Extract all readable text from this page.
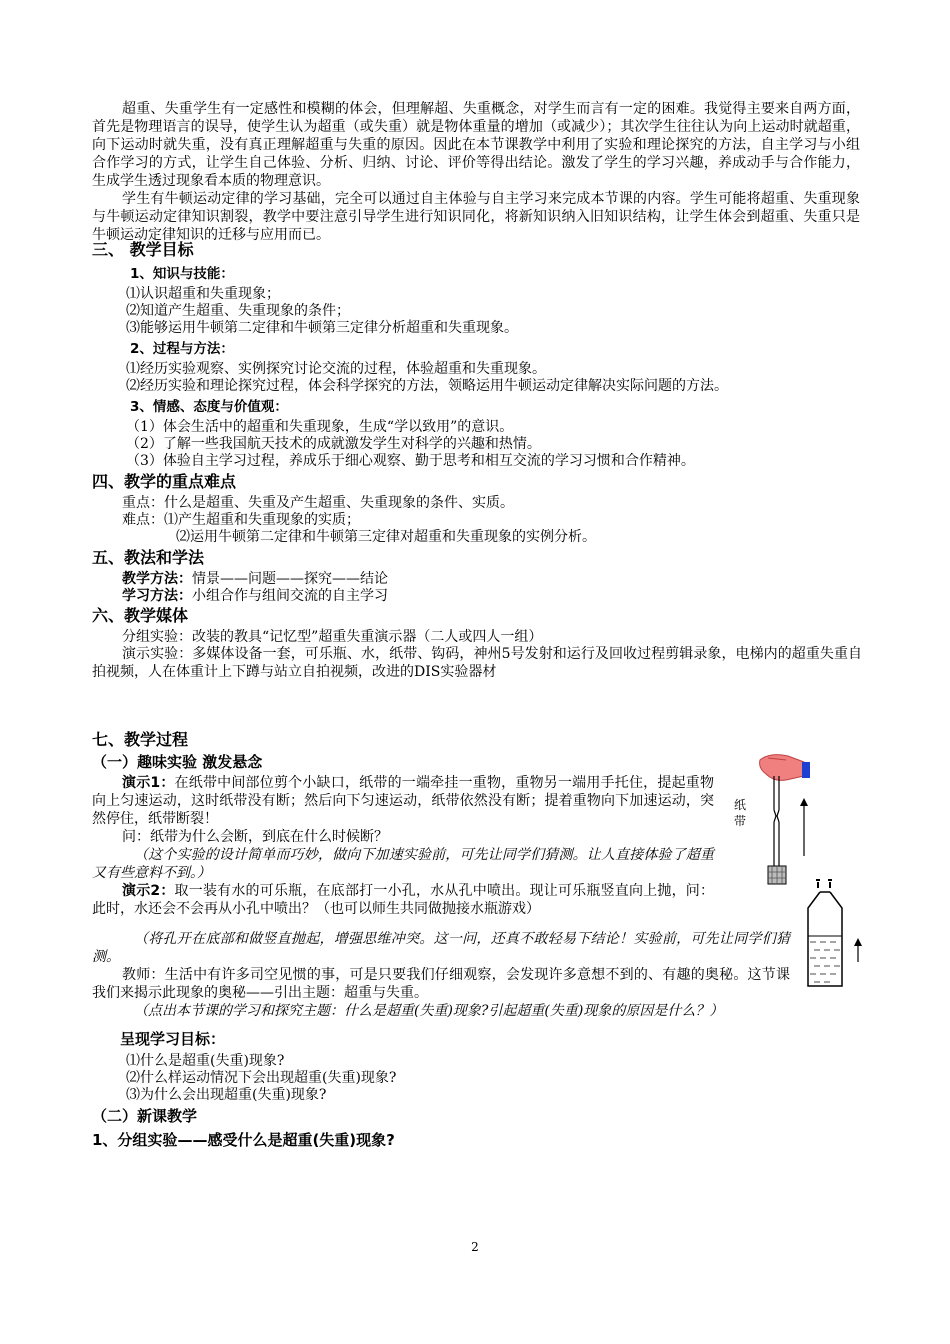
超重、失重学生有一定感性和模糊的体会，但理解超、失重概念，对学生而言有一定的困难。我觉得主要来自两方面，首先是物理语言的误导，使学生认为超重（或失重）就是物体重量的增加（或减少）；其次学生往往认为向上运动时就超重，向下运动时就失重，没有真正理解超重与失重的原因。因此在本节课教学中利用了实验和理论探究的方法，自主学习与小组合作学习的方式，让学生自己体验、分析、归纳、讨论、评价等得出结论。激发了学生的学习兴趣，养成动手与合作能力，生成学生透过现象看本质的物理意识。

学生有牛顿运动定律的学习基础，完全可以通过自主体验与自主学习来完成本节课的内容。学生可能将超重、失重现象与牛顿运动定律知识割裂，教学中要注意引导学生进行知识同化，将新知识纳入旧知识结构，让学生体会到超重、失重只是牛顿运动定律知识的迁移与应用而已。

三、 教学目标
1、知识与技能：
⑴认识超重和失重现象；
⑵知道产生超重、失重现象的条件；
⑶能够运用牛顿第二定律和牛顿第三定律分析超重和失重现象。
2、过程与方法：
⑴经历实验观察、实例探究讨论交流的过程，体验超重和失重现象。
⑵经历实验和理论探究过程，体会科学探究的方法，领略运用牛顿运动定律解决实际问题的方法。
3、情感、态度与价值观：
（1）体会生活中的超重和失重现象，生成“学以致用”的意识。
（2）了解一些我国航天技术的成就激发学生对科学的兴趣和热情。
（3）体验自主学习过程，养成乐于细心观察、勤于思考和相互交流的学习习惯和合作精神。
四、教学的重点难点
重点：什么是超重、失重及产生超重、失重现象的条件、实质。
难点：⑴产生超重和失重现象的实质；
⑵运用牛顿第二定律和牛顿第三定律对超重和失重现象的实例分析。
五、教法和学法
教学方法：情景——问题——探究——结论
学习方法：小组合作与组间交流的自主学习
六、教学媒体
分组实验：改装的教具“记忆型”超重失重演示器（二人或四人一组）

演示实验：多媒体设备一套，可乐瓶、水，纸带、钩码，神州5号发射和运行及回收过程剪辑录象，电梯内的超重失重自拍视频，人在体重计上下蹲与站立自拍视频，改进的DIS实验器材

七、教学过程
（一）趣味实验 激发悬念

演示1：在纸带中间部位剪个小缺口，纸带的一端牵挂一重物，重物另一端用手托住，提起重物向上匀速运动，这时纸带没有断；然后向下匀速运动，纸带依然没有断；提着重物向下加速运动，突然停住，纸带断裂！

问：纸带为什么会断，到底在什么时候断？

（这个实验的设计简单而巧妙，做向下加速实验前，可先让同学们猜测。让人直接体验了超重又有些意料不到。）

演示2：取一装有水的可乐瓶，在底部打一小孔，水从孔中喷出。现让可乐瓶竖直向上抛，问：此时，水还会不会再从小孔中喷出？（也可以师生共同做抛接水瓶游戏）

（将孔开在底部和做竖直抛起，增强思维冲突。这一问，还真不敢轻易下结论！实验前，可先让同学们猜测。

教师：生活中有许多司空见惯的事，可是只要我们仔细观察，会发现许多意想不到的、有趣的奥秘。这节课我们来揭示此现象的奥秘——引出主题：超重与失重。

（点出本节课的学习和探究主题：什么是超重(失重)现象?引起超重(失重)现象的原因是什么？）

呈现学习目标：
⑴什么是超重(失重)现象?
⑵什么样运动情况下会出现超重(失重)现象?
⑶为什么会出现超重(失重)现象?
（二）新课教学
1、分组实验——感受什么是超重(失重)现象?
纸
带
2
